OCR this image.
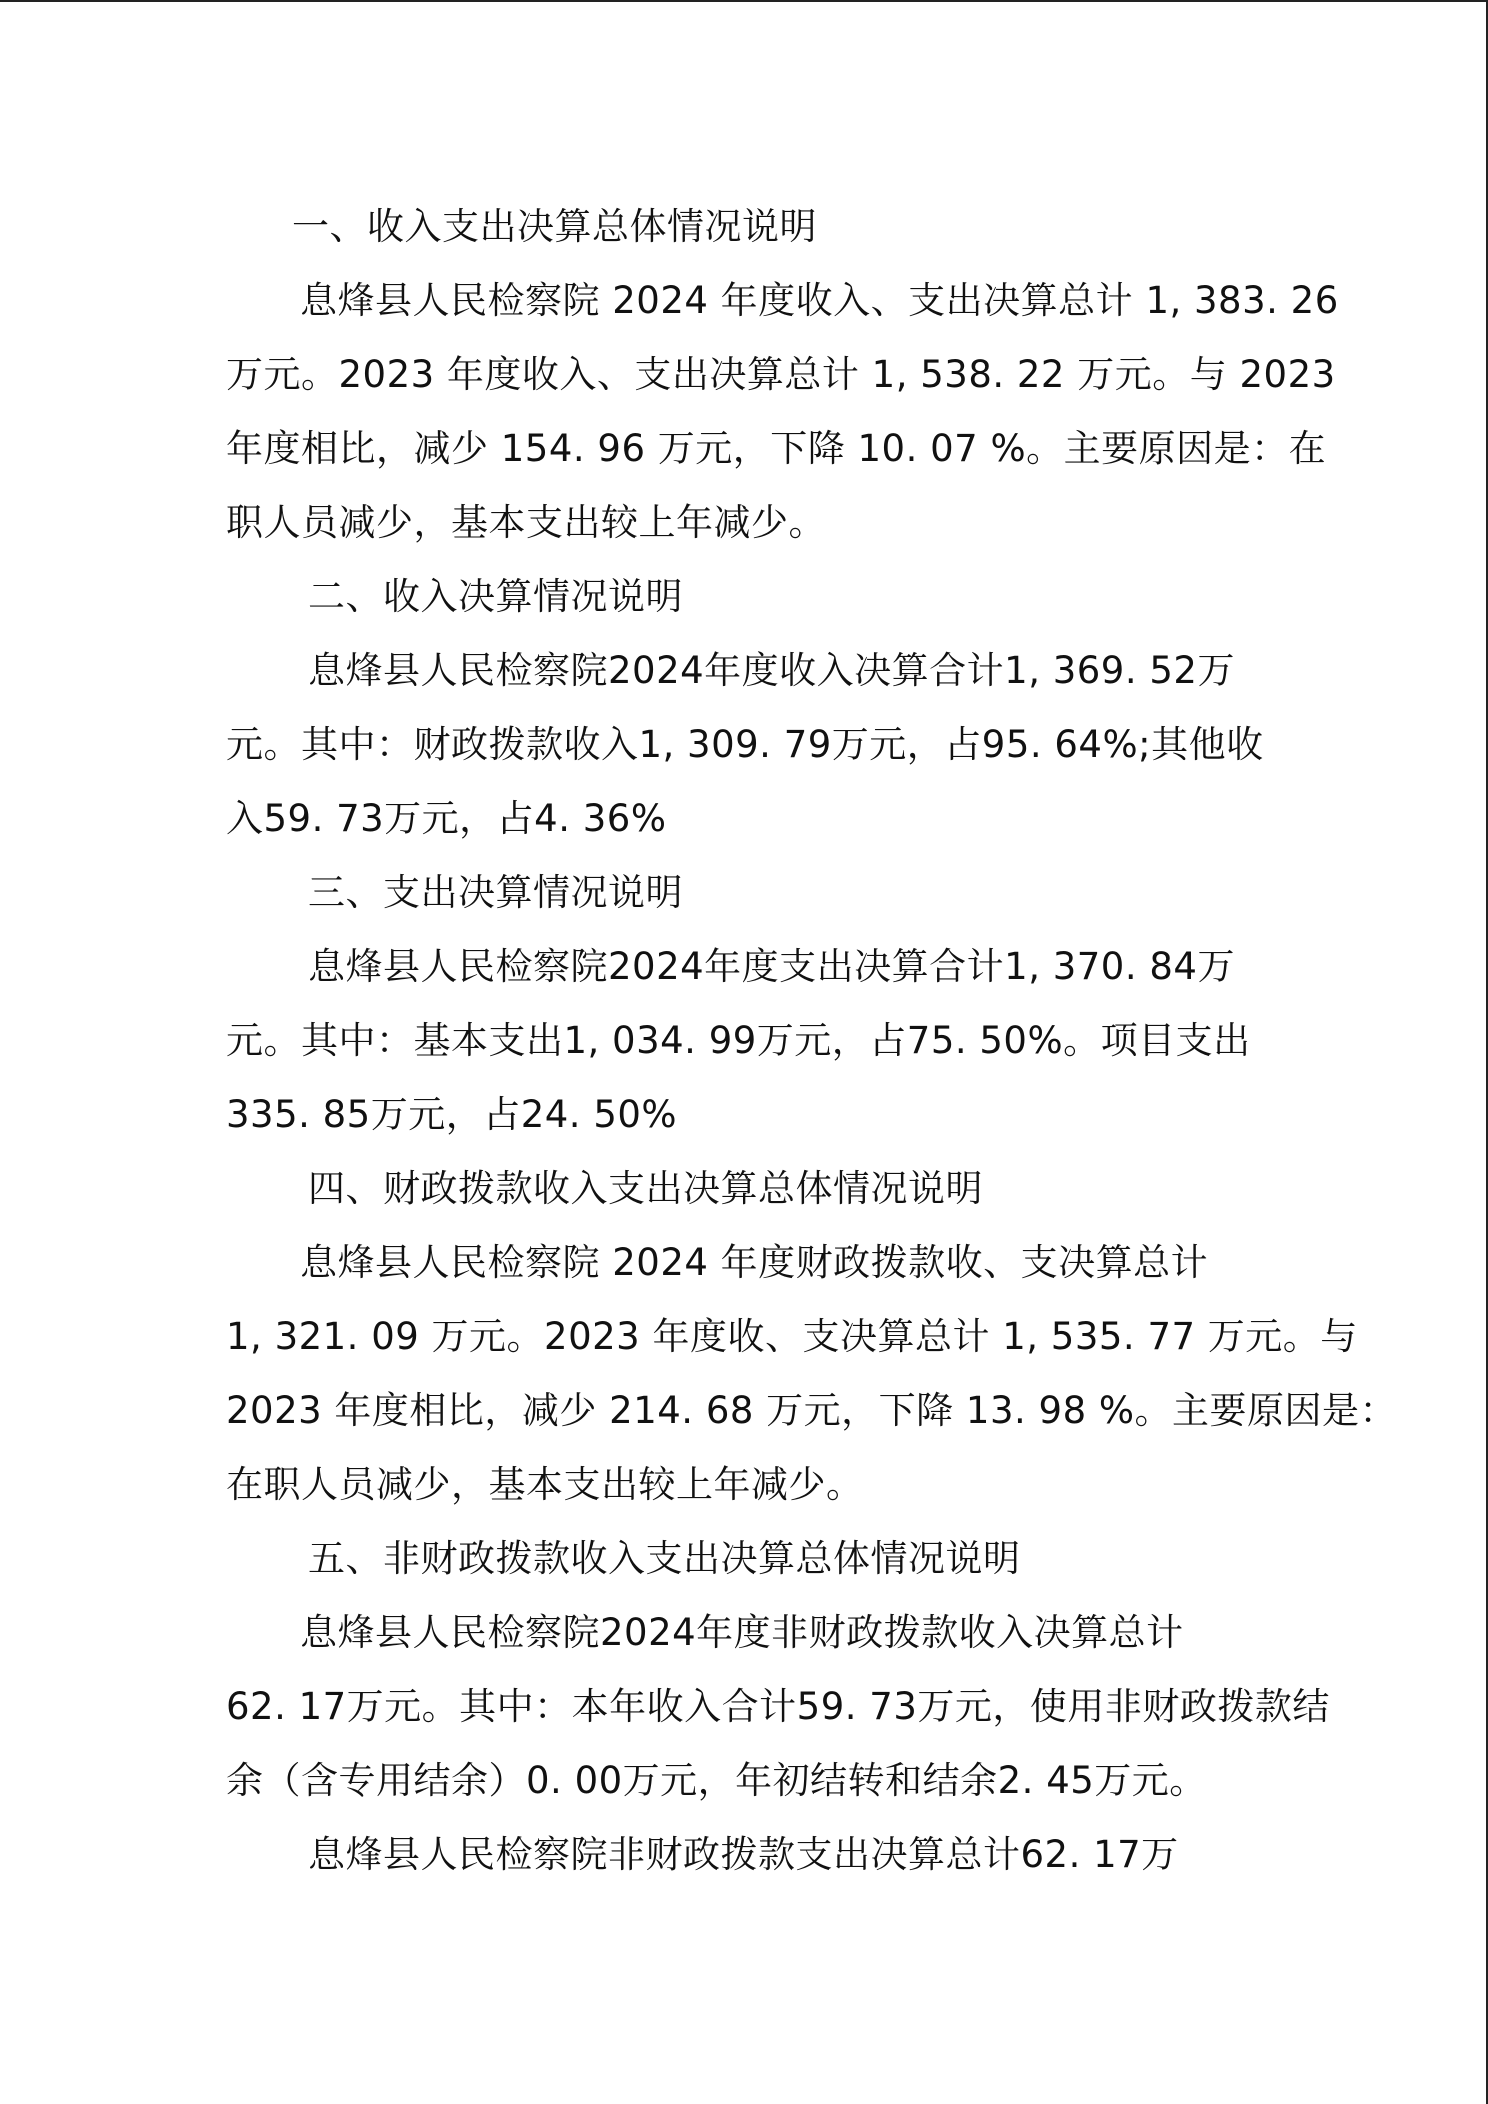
一、收入支出决算总体情况说明
息烽县人民检察院 2024 年度收入、支出决算总计 1, 383. 26
万元。2023 年度收入、支出决算总计 1, 538. 22 万元。与 2023
年度相比，减少 154. 96 万元，下降 10. 07 %。主要原因是：在
职人员减少，基本支出较上年减少。
二、收入决算情况说明
息烽县人民检察院2024年度收入决算合计1, 369. 52万
元。其中：财政拨款收入1, 309. 79万元，占95. 64%;其他收
入59. 73万元，占4. 36%
三、支出决算情况说明
息烽县人民检察院2024年度支出决算合计1, 370. 84万
元。其中：基本支出1, 034. 99万元，占75. 50%。项目支出
335. 85万元，占24. 50%
四、财政拨款收入支出决算总体情况说明
息烽县人民检察院 2024 年度财政拨款收、支决算总计
1, 321. 09 万元。2023 年度收、支决算总计 1, 535. 77 万元。与
2023 年度相比，减少 214. 68 万元，下降 13. 98 %。主要原因是：
在职人员减少，基本支出较上年减少。
五、非财政拨款收入支出决算总体情况说明
息烽县人民检察院2024年度非财政拨款收入决算总计
62. 17万元。其中：本年收入合计59. 73万元，使用非财政拨款结
余（含专用结余）0. 00万元，年初结转和结余2. 45万元。
息烽县人民检察院非财政拨款支出决算总计62. 17万
